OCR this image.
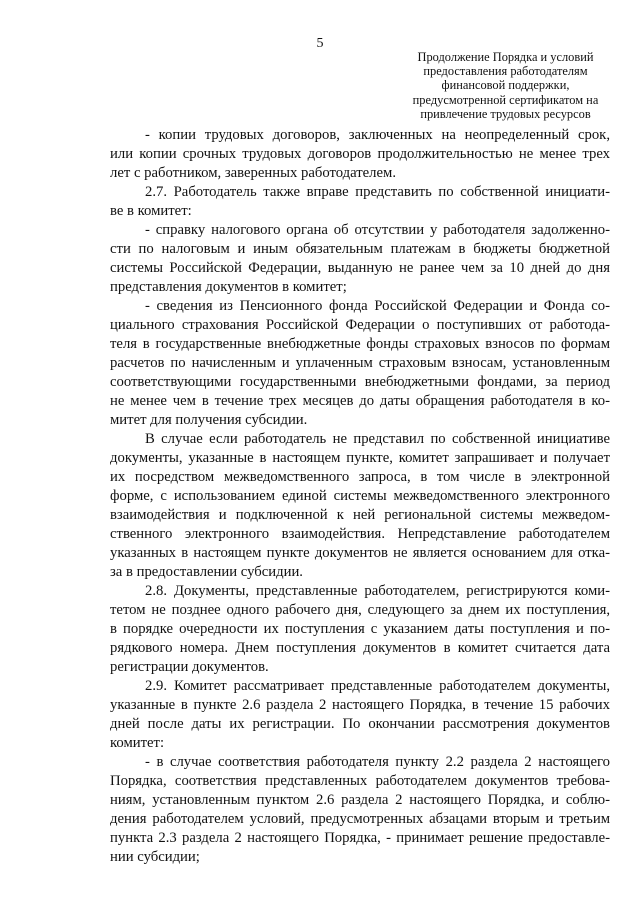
5
Продолжение Порядка и условий
предоставления работодателям
финансовой поддержки,
предусмотренной сертификатом на
привлечение трудовых ресурсов
- копии трудовых договоров, заключенных на неопределенный срок,
или копии срочных трудовых договоров продолжительностью не менее трех
лет с работником, заверенных работодателем.
2.7. Работодатель также вправе представить по собственной инициати-
ве в комитет:
- справку налогового органа об отсутствии у работодателя задолженно-
сти по налоговым и иным обязательным платежам в бюджеты бюджетной
системы Российской Федерации, выданную не ранее чем за 10 дней до дня
представления документов в комитет;
- сведения из Пенсионного фонда Российской Федерации и Фонда со-
циального страхования Российской Федерации о поступивших от работода-
теля в государственные внебюджетные фонды страховых взносов по формам
расчетов по начисленным и уплаченным страховым взносам, установленным
соответствующими государственными внебюджетными фондами, за период
не менее чем в течение трех месяцев до даты обращения работодателя в ко-
митет для получения субсидии.
В случае если работодатель не представил по собственной инициативе
документы, указанные в настоящем пункте, комитет запрашивает и получает
их посредством межведомственного запроса, в том числе в электронной
форме, с использованием единой системы межведомственного электронного
взаимодействия и подключенной к ней региональной системы межведом-
ственного электронного взаимодействия. Непредставление работодателем
указанных в настоящем пункте документов не является основанием для отка-
за в предоставлении субсидии.
2.8. Документы, представленные работодателем, регистрируются коми-
тетом не позднее одного рабочего дня, следующего за днем их поступления,
в порядке очередности их поступления с указанием даты поступления и по-
рядкового номера. Днем поступления документов в комитет считается дата
регистрации документов.
2.9. Комитет рассматривает представленные работодателем документы,
указанные в пункте 2.6 раздела 2 настоящего Порядка, в течение 15 рабочих
дней после даты их регистрации. По окончании рассмотрения документов
комитет:
- в случае соответствия работодателя пункту 2.2 раздела 2 настоящего
Порядка, соответствия представленных работодателем документов требова-
ниям, установленным пунктом 2.6 раздела 2 настоящего Порядка, и соблю-
дения работодателем условий, предусмотренных абзацами вторым и третьим
пункта 2.3 раздела 2 настоящего Порядка, - принимает решение предоставле-
нии субсидии;
